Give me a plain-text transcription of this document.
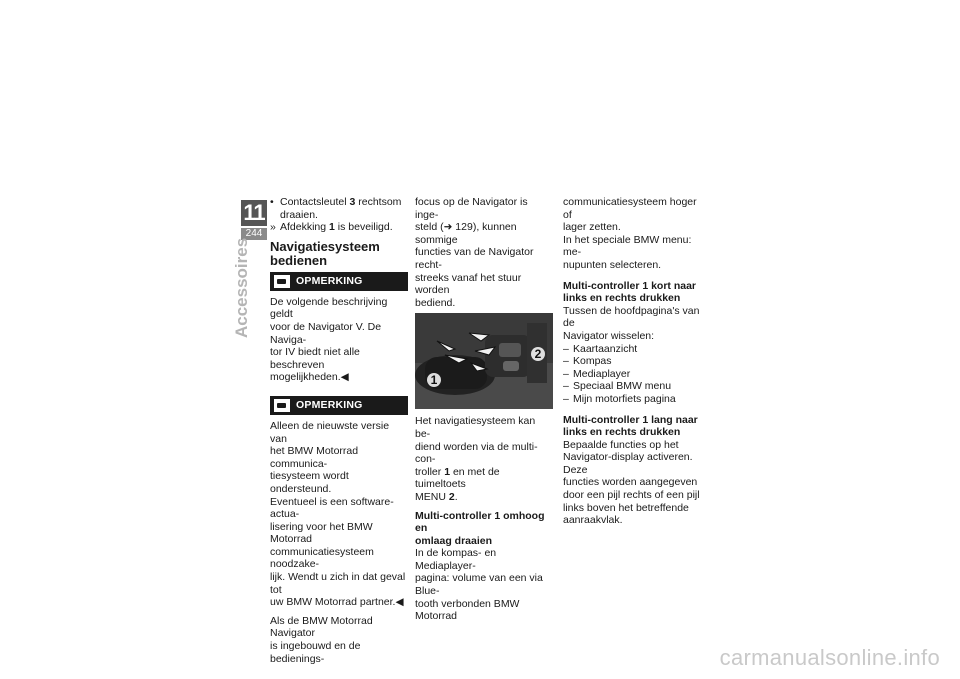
11
244
Accessoires
• Contactsleutel 3 rechtsom
draaien.
» Afdekking 1 is beveiligd.
Navigatiesysteem
bedienen
OPMERKING
De volgende beschrijving geldt
voor de Navigator V. De Naviga-
tor IV biedt niet alle beschreven
mogelijkheden.◀
OPMERKING
Alleen de nieuwste versie van
het BMW Motorrad communica-
tiesysteem wordt ondersteund.
Eventueel is een software-actua-
lisering voor het BMW Motorrad
communicatiesysteem noodzake-
lijk. Wendt u zich in dat geval tot
uw BMW Motorrad partner.◀
Als de BMW Motorrad Navigator
is ingebouwd en de bedienings-
focus op de Navigator is inge-
steld (➜ 129), kunnen sommige
functies van de Navigator recht-
streeks vanaf het stuur worden
bediend.
1
2
Het navigatiesysteem kan be-
diend worden via de multi-con-
troller 1 en met de tuimeltoets
MENU 2.
Multi-controller 1 omhoog en
omlaag draaien
In de kompas- en Mediaplayer-
pagina: volume van een via Blue-
tooth verbonden BMW Motorrad
communicatiesysteem hoger of
lager zetten.
In het speciale BMW menu: me-
nupunten selecteren.
Multi-controller 1 kort naar
links en rechts drukken
Tussen de hoofdpagina's van de
Navigator wisselen:
– Kaartaanzicht
– Kompas
– Mediaplayer
– Speciaal BMW menu
– Mijn motorfiets pagina
Multi-controller 1 lang naar
links en rechts drukken
Bepaalde functies op het
Navigator-display activeren. Deze
functies worden aangegeven
door een pijl rechts of een pijl
links boven het betreffende
aanraakvlak.
carmanualsonline.info
